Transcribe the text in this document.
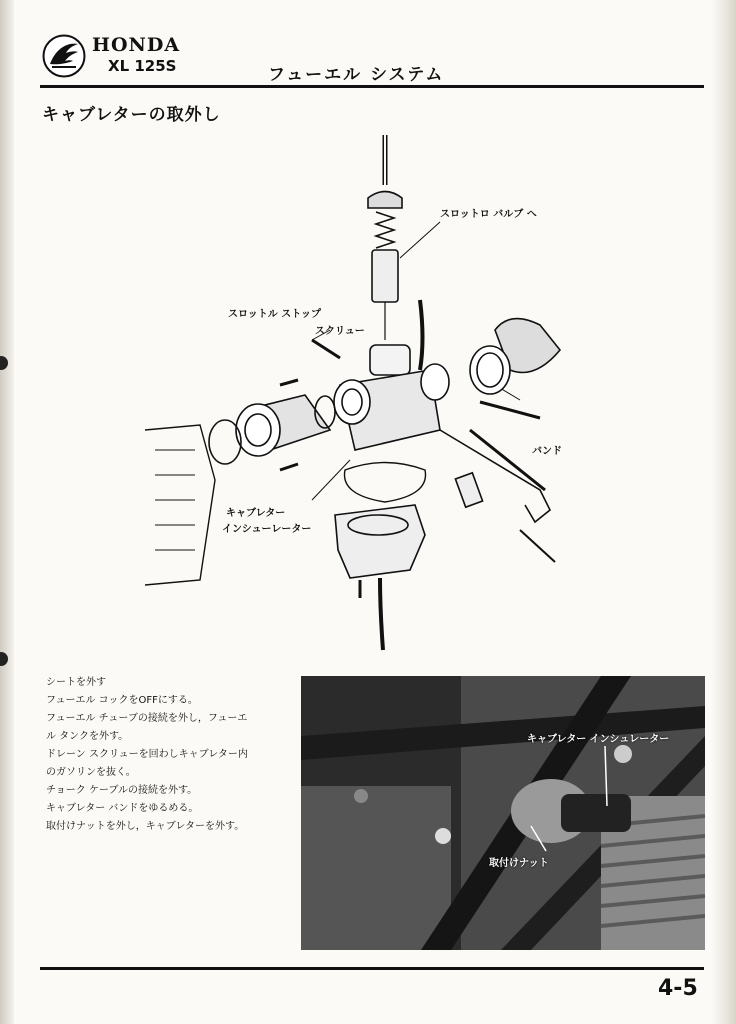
HONDA
XL 125S	フューエル システム
キャブレターの取外し
スロットロ バルブ へ
スロットル ストップ
スクリュー
バンド
キャブレター
インシューレーター
シートを外す
フューエル コックをOFFにする。
フューエル チューブの接続を外し，フューエ
ル タンクを外す。
ドレーン スクリューを回わしキャブレター内
のガソリンを抜く。
チョーク ケーブルの接続を外す。
キャブレター バンドをゆるめる。
取付けナットを外し，キャブレターを外す。
キャブレター インシュレーター
取付けナット
4-5
